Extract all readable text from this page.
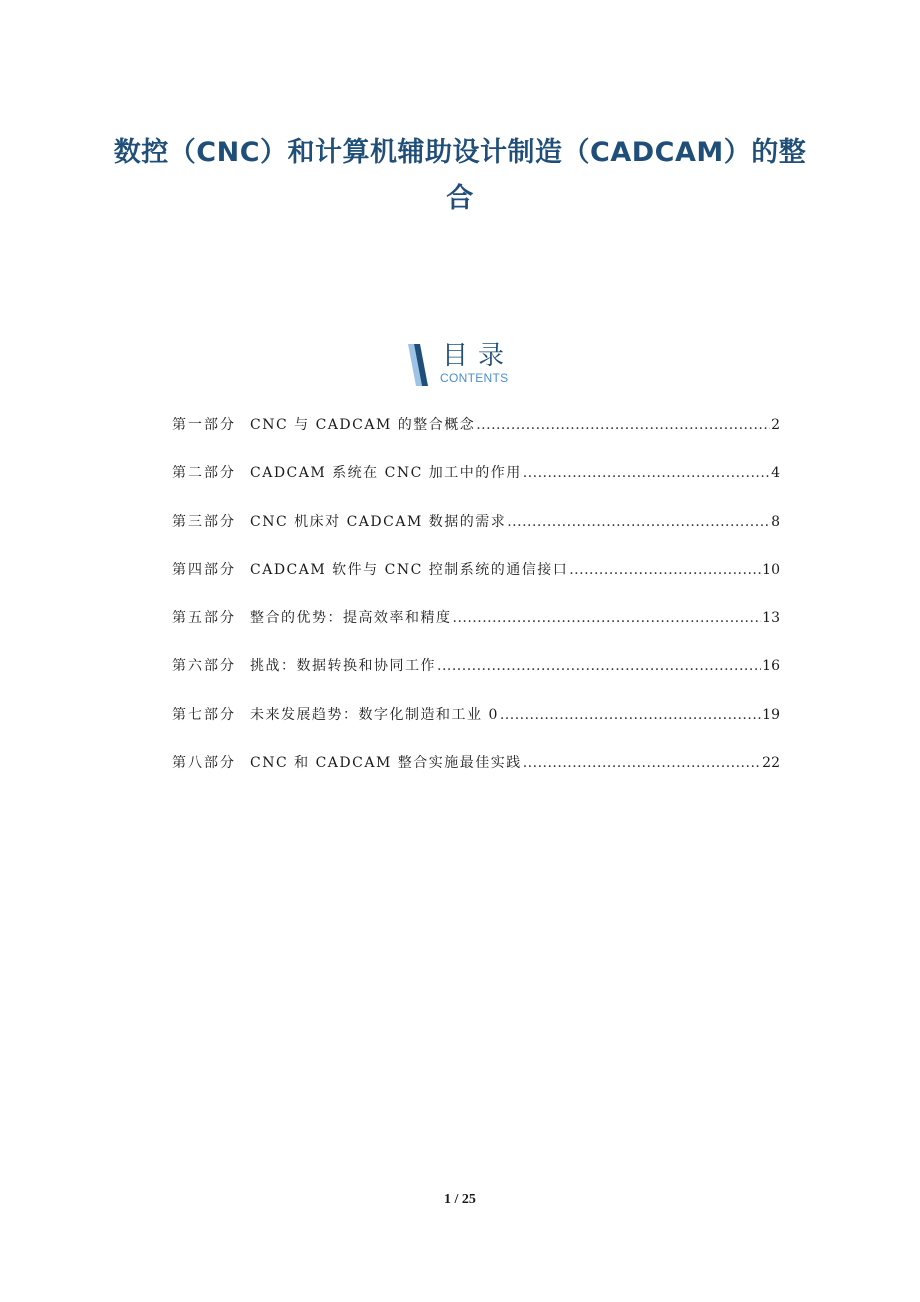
数控（CNC）和计算机辅助设计制造（CADCAM）的整合
目录
CONTENTS
第一部分 CNC 与 CADCAM 的整合概念 .....	2
第二部分 CADCAM 系统在 CNC 加工中的作用 .....	4
第三部分 CNC 机床对 CADCAM 数据的需求 .....	8
第四部分 CADCAM 软件与 CNC 控制系统的通信接口 .....	10
第五部分 整合的优势：提高效率和精度 .....	13
第六部分 挑战：数据转换和协同工作 .....	16
第七部分 未来发展趋势：数字化制造和工业 0 .....	19
第八部分 CNC 和 CADCAM 整合实施最佳实践 .....	22
1 / 25
